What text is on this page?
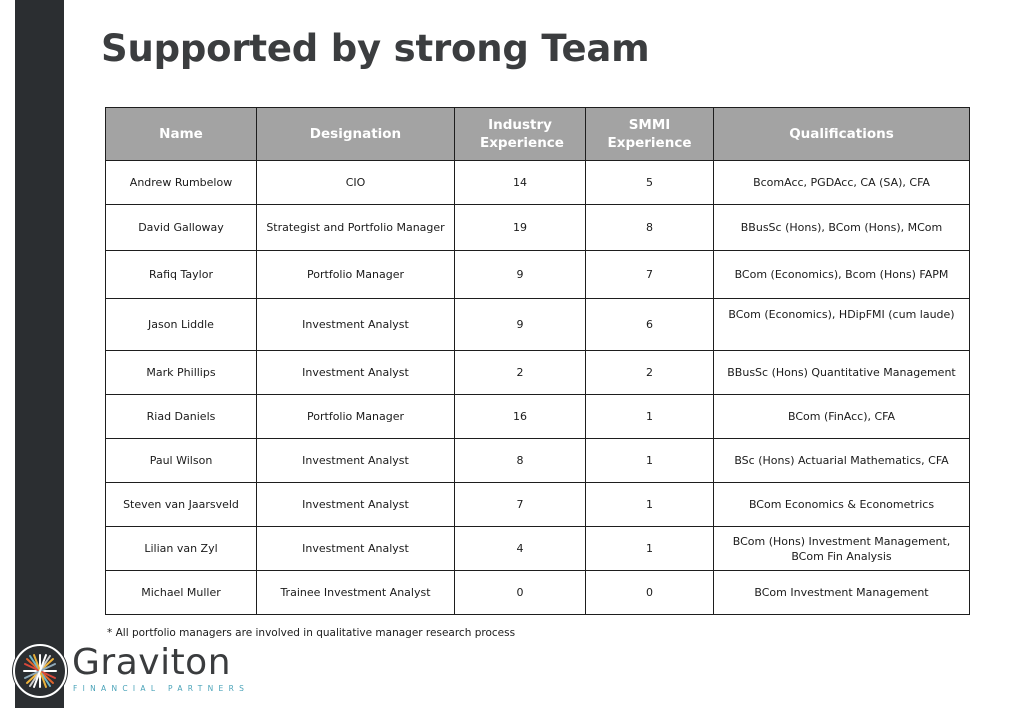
Supported by strong Team
Name	Designation	Industry Experience	SMMI Experience	Qualifications
Andrew Rumbelow	CIO	14	5	BcomAcc, PGDAcc, CA (SA), CFA
David Galloway	Strategist and Portfolio Manager	19	8	BBusSc (Hons), BCom (Hons), MCom
Rafiq Taylor	Portfolio Manager	9	7	BCom (Economics), Bcom (Hons) FAPM
Jason Liddle	Investment Analyst	9	6	BCom (Economics), HDipFMI (cum laude)
Mark Phillips	Investment Analyst	2	2	BBusSc (Hons) Quantitative Management
Riad Daniels	Portfolio Manager	16	1	BCom (FinAcc), CFA
Paul Wilson	Investment Analyst	8	1	BSc (Hons) Actuarial Mathematics, CFA
Steven van Jaarsveld	Investment Analyst	7	1	BCom Economics & Econometrics
Lilian van Zyl	Investment Analyst	4	1	BCom (Hons) Investment Management,
BCom Fin Analysis
Michael Muller	Trainee Investment Analyst	0	0	BCom Investment Management
* All portfolio managers are involved in qualitative manager research process
Graviton
FINANCIAL PARTNERS
